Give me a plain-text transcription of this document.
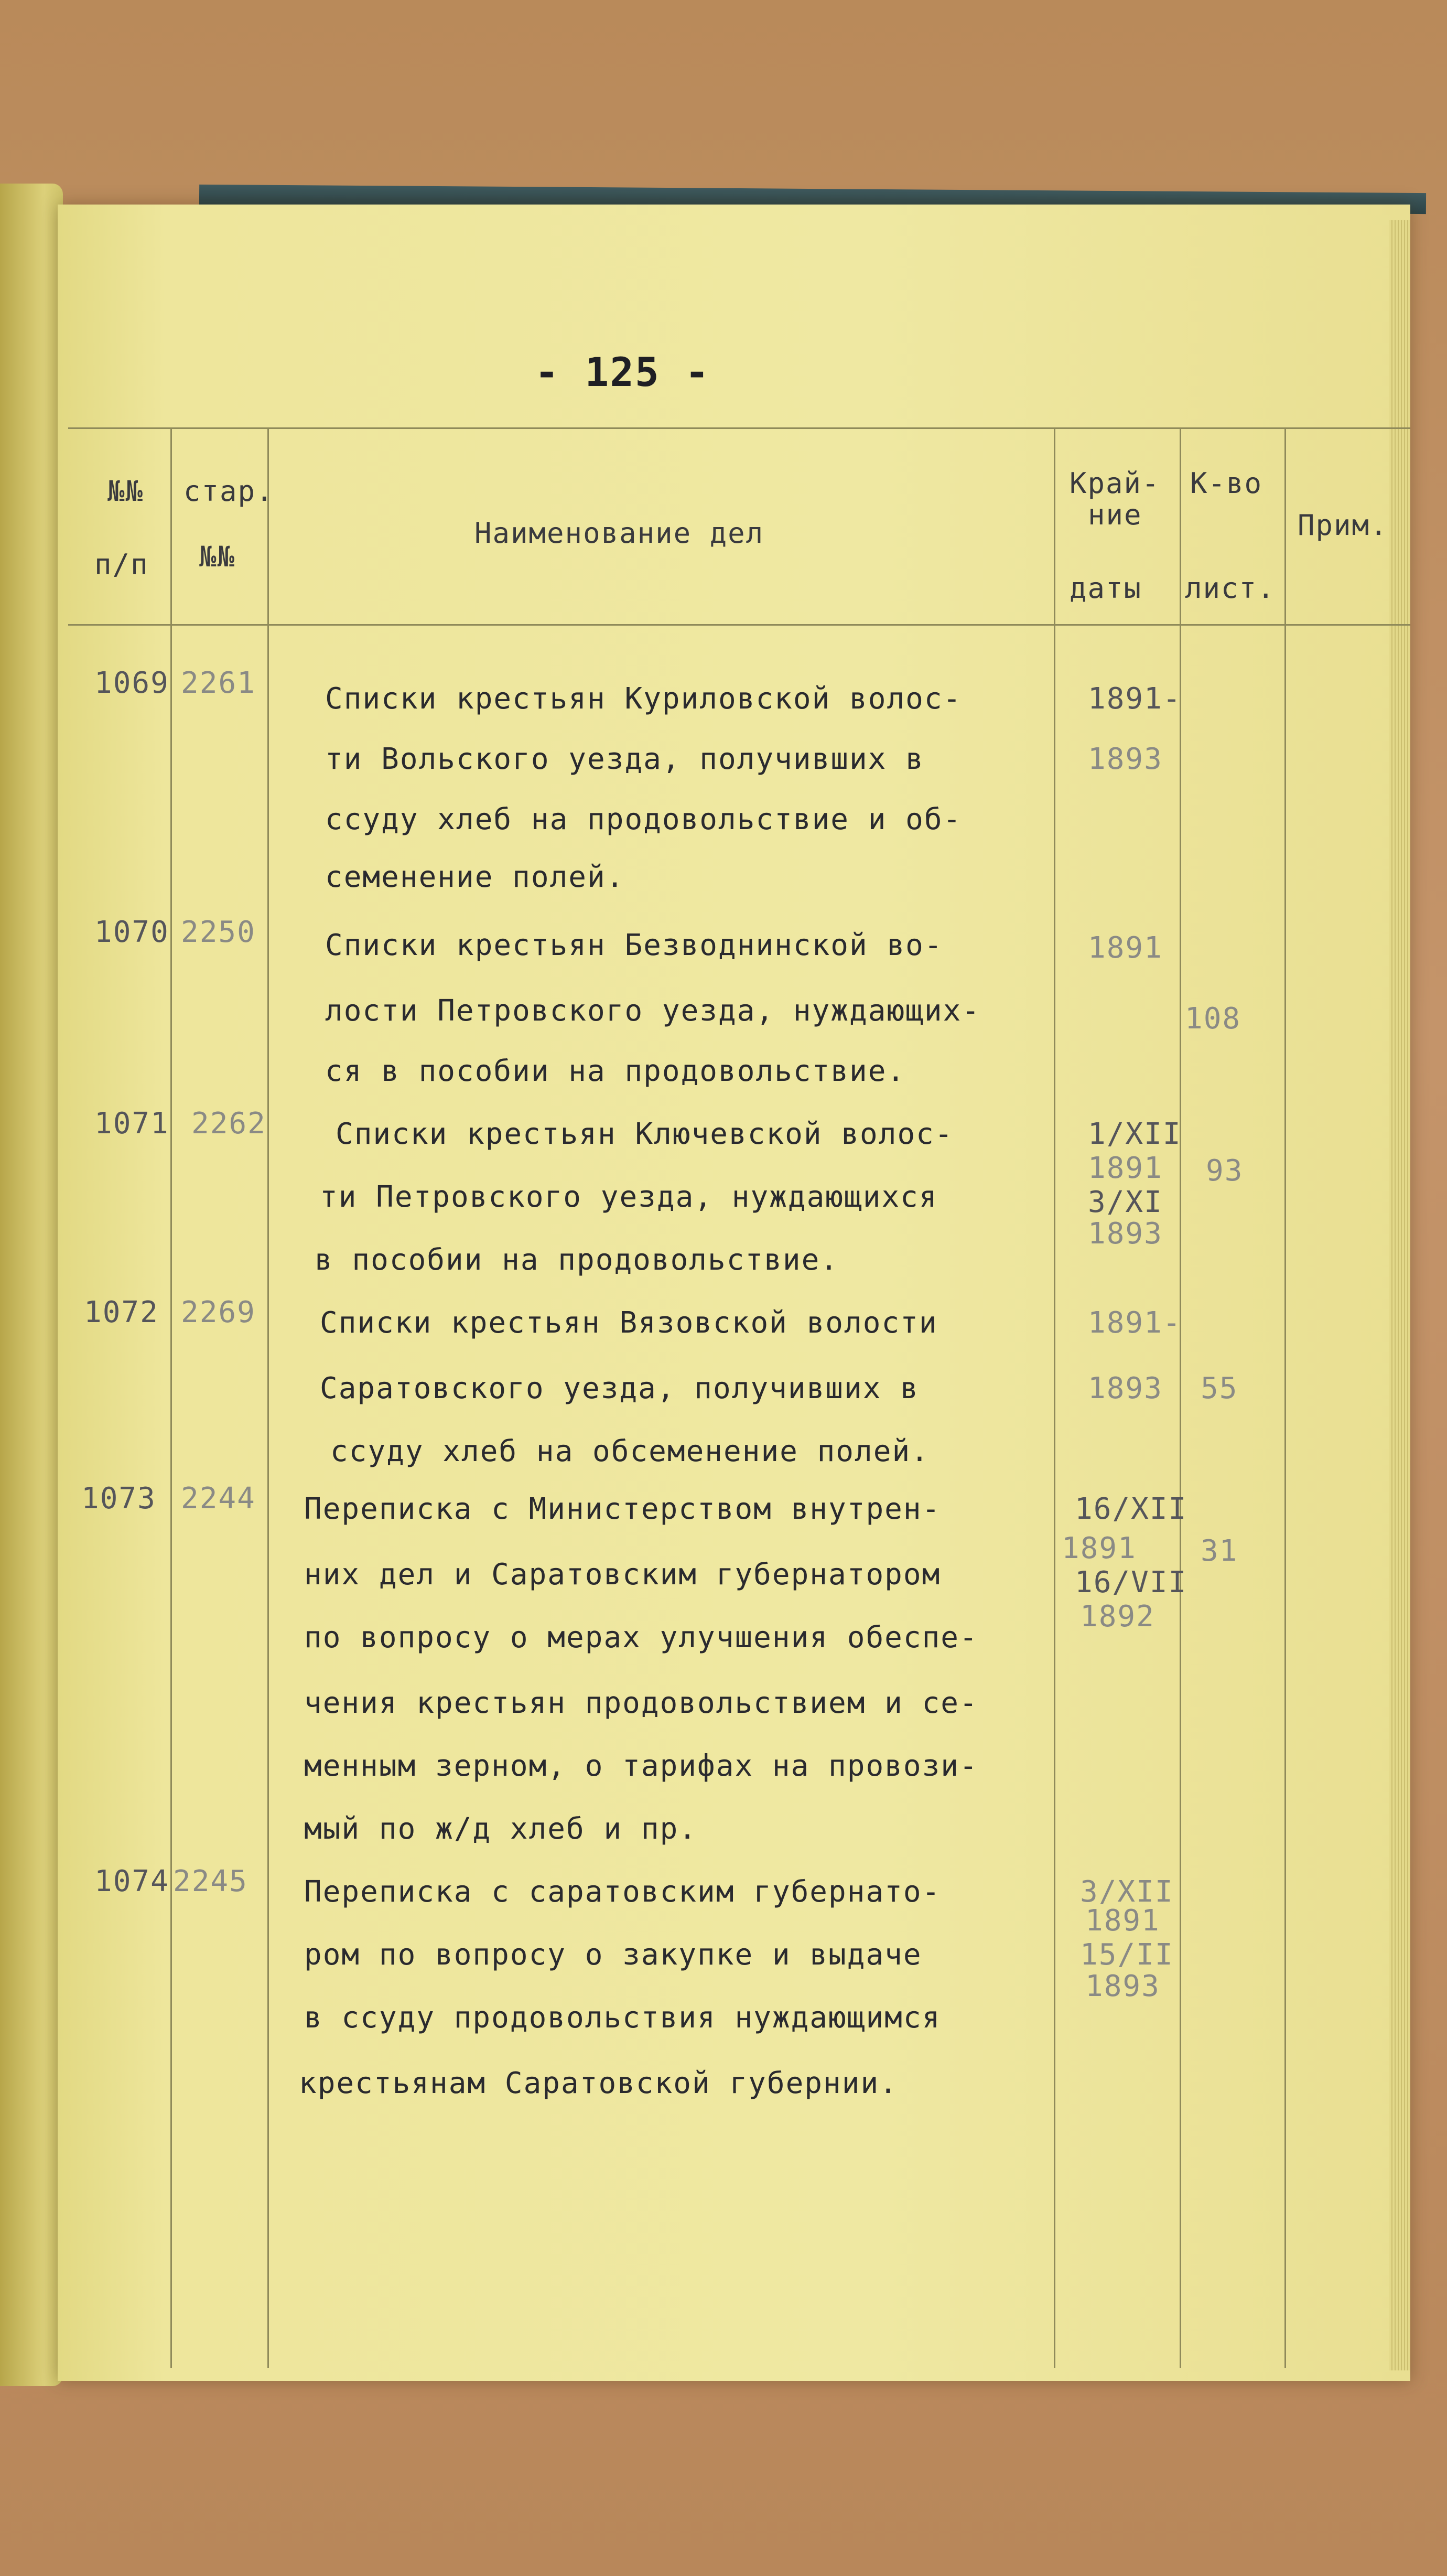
- 125 -
№№
п/п
стар.
№№
Наименование дел
Край-
ние
даты
К-во
лист.
Прим.
1069 2261 Списки крестьян Куриловской волос-
ти Вольского уезда, получивших в
ссуду хлеб на продовольствие и об-
семенение полей.
1891-
1893
1070 2250 Списки крестьян Безводнинской во-
лости Петровского уезда, нуждающих-
ся в пособии на продовольствие.
1891
108
1071 2262 Списки крестьян Ключевской волос-
ти Петровского уезда, нуждающихся
в пособии на продовольствие.
1/XII
1891
3/XI
1893
93
1072 2269 Списки крестьян Вязовской волости
Саратовского уезда, получивших в
ссуду хлеб на обсеменение полей.
1891-
1893 55
1073 2244 Переписка с Министерством внутрен-
них дел и Саратовским губернатором
по вопросу о мерах улучшения обеспе-
чения крестьян продовольствием и се-
менным зерном, о тарифах на провози-
мый по ж/д хлеб и пр.
16/XII
1891
16/VII
1892
31
1074 2245 Переписка с саратовским губернато-
ром по вопросу о закупке и выдаче
в ссуду продовольствия нуждающимся
крестьянам Саратовской губернии.
3/XII
1891
15/II
1893
